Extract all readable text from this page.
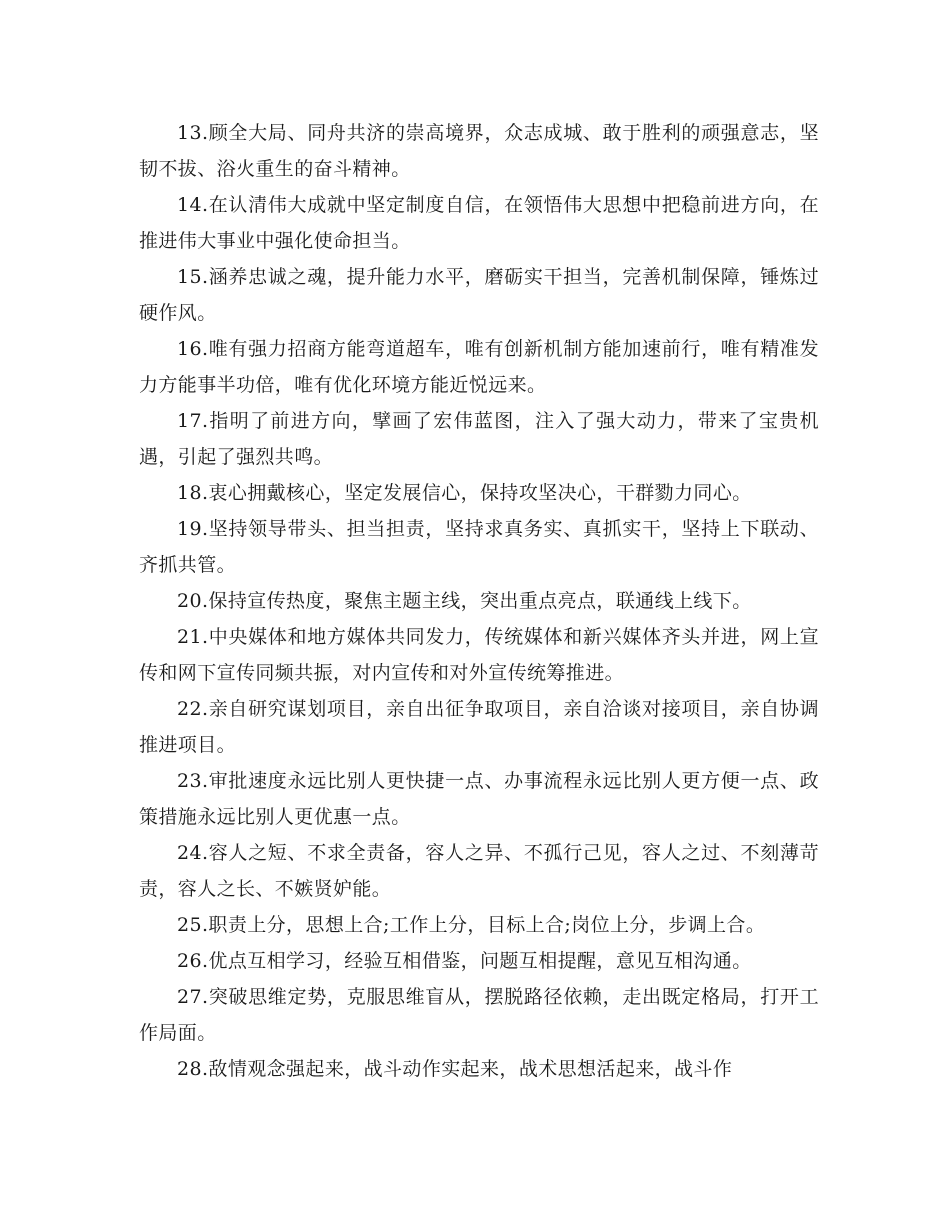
13.顾全大局、同舟共济的崇高境界，众志成城、敢于胜利的顽强意志，坚韧不拔、浴火重生的奋斗精神。

14.在认清伟大成就中坚定制度自信，在领悟伟大思想中把稳前进方向，在推进伟大事业中强化使命担当。

15.涵养忠诚之魂，提升能力水平，磨砺实干担当，完善机制保障，锤炼过硬作风。

16.唯有强力招商方能弯道超车，唯有创新机制方能加速前行，唯有精准发力方能事半功倍，唯有优化环境方能近悦远来。

17.指明了前进方向，擘画了宏伟蓝图，注入了强大动力，带来了宝贵机遇，引起了强烈共鸣。

18.衷心拥戴核心，坚定发展信心，保持攻坚决心，干群勠力同心。

19.坚持领导带头、担当担责，坚持求真务实、真抓实干，坚持上下联动、齐抓共管。

20.保持宣传热度，聚焦主题主线，突出重点亮点，联通线上线下。

21.中央媒体和地方媒体共同发力，传统媒体和新兴媒体齐头并进，网上宣传和网下宣传同频共振，对内宣传和对外宣传统筹推进。

22.亲自研究谋划项目，亲自出征争取项目，亲自洽谈对接项目，亲自协调推进项目。

23.审批速度永远比别人更快捷一点、办事流程永远比别人更方便一点、政策措施永远比别人更优惠一点。

24.容人之短、不求全责备，容人之异、不孤行己见，容人之过、不刻薄苛责，容人之长、不嫉贤妒能。

25.职责上分，思想上合;工作上分，目标上合;岗位上分，步调上合。

26.优点互相学习，经验互相借鉴，问题互相提醒，意见互相沟通。

27.突破思维定势，克服思维盲从，摆脱路径依赖，走出既定格局，打开工作局面。

28.敌情观念强起来，战斗动作实起来，战术思想活起来，战斗作
